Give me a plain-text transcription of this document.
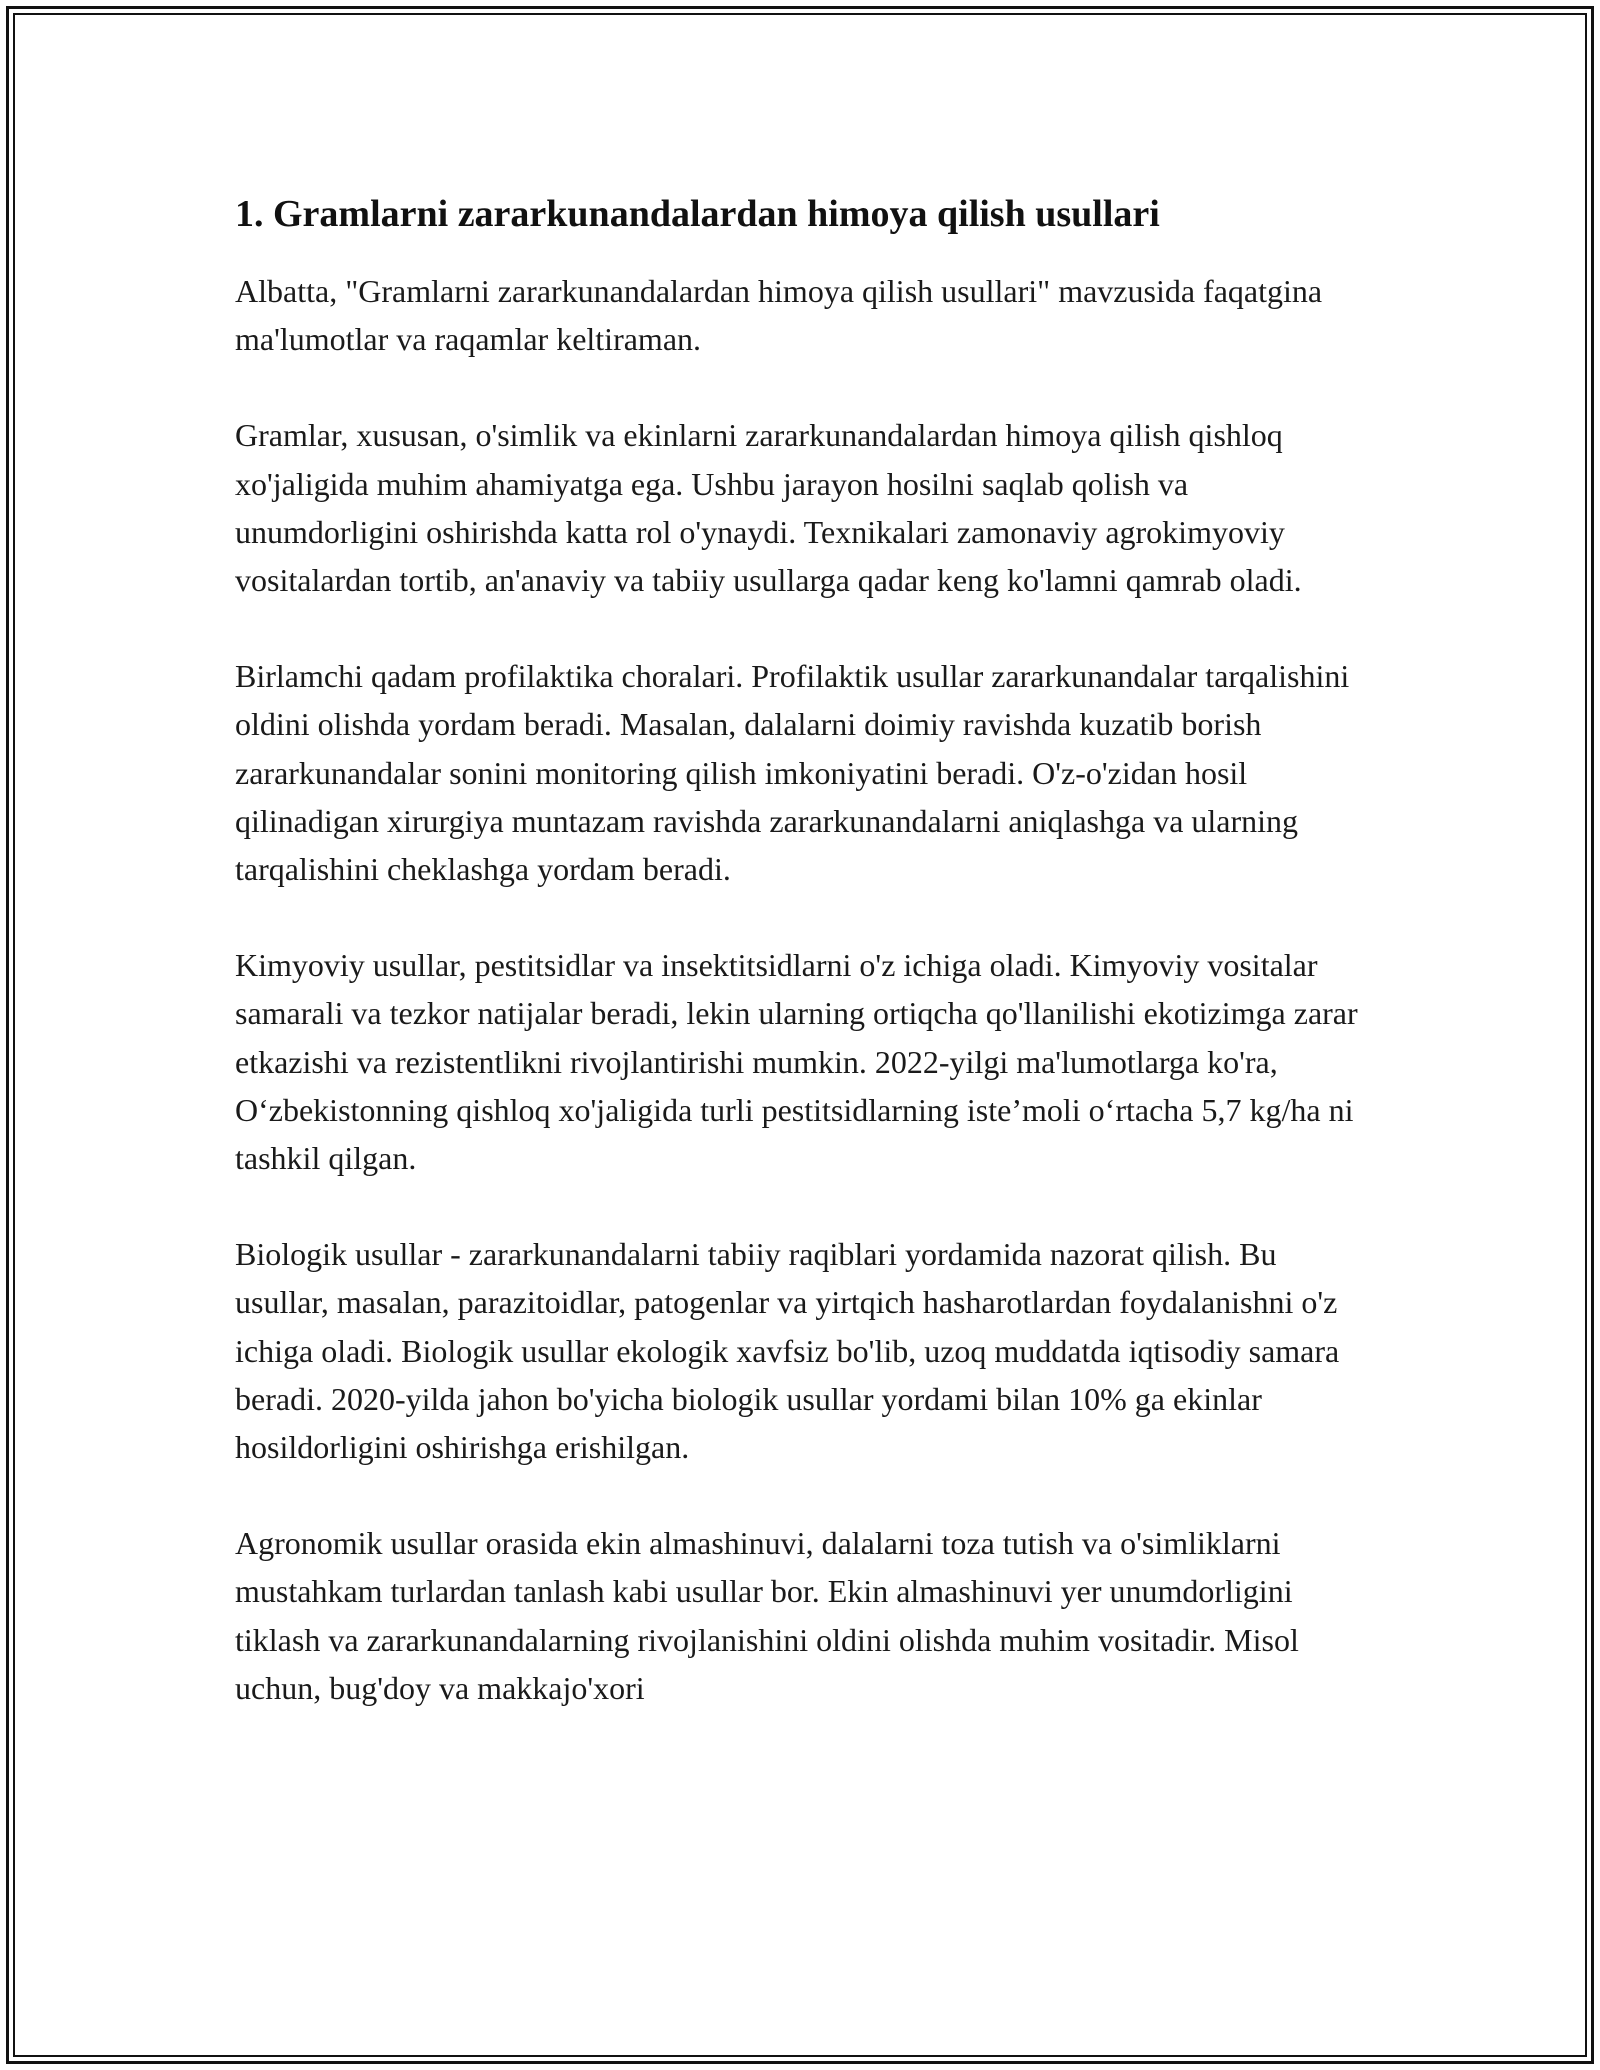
1. Gramlarni zararkunandalardan himoya qilish usullari

Albatta, "Gramlarni zararkunandalardan himoya qilish usullari" mavzusida faqatgina ma'lumotlar va raqamlar keltiraman.

Gramlar, xususan, o'simlik va ekinlarni zararkunandalardan himoya qilish qishloq xo'jaligida muhim ahamiyatga ega. Ushbu jarayon hosilni saqlab qolish va unumdorligini oshirishda katta rol o'ynaydi. Texnikalari zamonaviy agrokimyoviy vositalardan tortib, an'anaviy va tabiiy usullarga qadar keng ko'lamni qamrab oladi.

Birlamchi qadam profilaktika choralari. Profilaktik usullar zararkunandalar tarqalishini oldini olishda yordam beradi. Masalan, dalalarni doimiy ravishda kuzatib borish zararkunandalar sonini monitoring qilish imkoniyatini beradi. O'z-o'zidan hosil qilinadigan xirurgiya muntazam ravishda zararkunandalarni aniqlashga va ularning tarqalishini cheklashga yordam beradi.

Kimyoviy usullar, pestitsidlar va insektitsidlarni o'z ichiga oladi. Kimyoviy vositalar samarali va tezkor natijalar beradi, lekin ularning ortiqcha qo'llanilishi ekotizimga zarar etkazishi va rezistentlikni rivojlantirishi mumkin. 2022-yilgi ma'lumotlarga ko'ra, O‘zbekistonning qishloq xo'jaligida turli pestitsidlarning iste’moli o‘rtacha 5,7 kg/ha ni tashkil qilgan.

Biologik usullar - zararkunandalarni tabiiy raqiblari yordamida nazorat qilish. Bu usullar, masalan, parazitoidlar, patogenlar va yirtqich hasharotlardan foydalanishni o'z ichiga oladi. Biologik usullar ekologik xavfsiz bo'lib, uzoq muddatda iqtisodiy samara beradi. 2020-yilda jahon bo'yicha biologik usullar yordami bilan 10% ga ekinlar hosildorligini oshirishga erishilgan.

Agronomik usullar orasida ekin almashinuvi, dalalarni toza tutish va o'simliklarni mustahkam turlardan tanlash kabi usullar bor. Ekin almashinuvi yer unumdorligini tiklash va zararkunandalarning rivojlanishini oldini olishda muhim vositadir. Misol uchun, bug'doy va makkajo'xori
